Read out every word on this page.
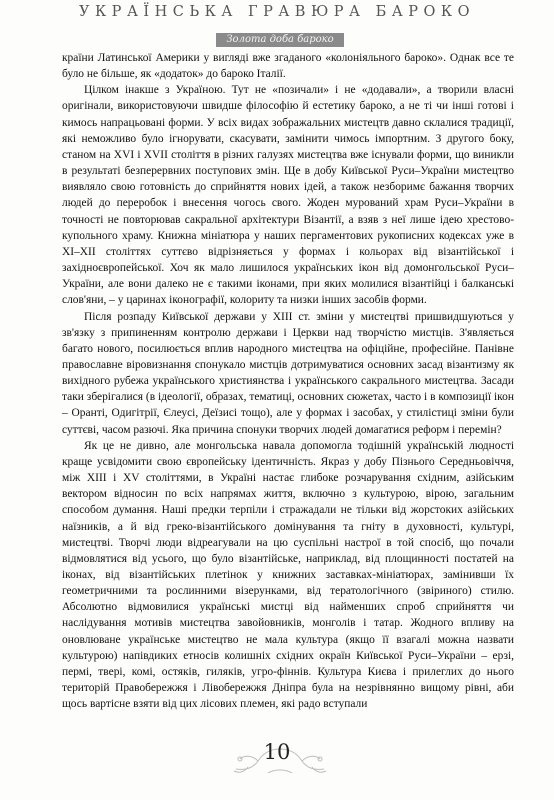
УКРАЇНСЬКА ГРАВЮРА БАРОКО
Золота доба бароко

країни Латинської Америки у вигляді вже згаданого «колоніяльного бароко». Однак все те було не більше, як «додаток» до бароко Італії.

Цілком інакше з Україною. Тут не «позичали» і не «додавали», а творили власні оригінали, використовуючи швидше філософію й естетику бароко, а не ті чи інші готові і кимось напрацьовані форми. У всіх видах зображальних мистецтв давно склалися традиції, які неможливо було ігнорувати, скасувати, замінити чимось імпортним. З другого боку, станом на XVI і XVII століття в різних галузях мистецтва вже існували форми, що виникли в результаті безперервних поступових змін. Ще в добу Київської Руси–України мистецтво виявляло свою готовність до сприйняття нових ідей, а також незборимє бажання творчих людей до переробок і внесення чогось свого. Жоден мурований храм Руси–України в точності не повторював сакральної архітектури Візантії, а взяв з неї лише ідею хрестово-купольного храму. Книжна мініатюра у наших пергаментових рукописних кодексах уже в XI–XII століттях суттєво відрізняється у формах і кольорах від візантійської і західноєвропейської. Хоч як мало лишилося українських ікон від домонгольської Руси–України, але вони далеко не є такими іконами, при яких молилися візантійці і балканські слов'яни, – у царинах іконографії, колориту та низки інших засобів форми.

Після розпаду Київської держави у XIII ст. зміни у мистецтві пришвидшуються у зв'язку з припиненням контролю держави і Церкви над творчістю мистців. З'являється багато нового, посилюється вплив народного мистецтва на офіційне, професійне. Панівне православне віровизнання спонукало мистців дотримуватися основних засад візантизму як вихідного рубежа українського християнства і українського сакрального мистецтва. Засади таки зберігалися (в ідеології, образах, тематиці, основних сюжетах, часто і в композиції ікон – Оранті, Одигітрії, Єлеусі, Деїзисі тощо), але у формах і засобах, у стилістиці зміни були суттєві, часом разючі. Яка причина спонуки творчих людей домагатися реформ і перемін?

Як це не дивно, але монгольська навала допомогла тодішній українській людності краще усвідомити свою європейську ідентичність. Якраз у добу Пізнього Середньовіччя, між XIII і XV століттями, в Україні настає глибоке розчарування східним, азійським вектором відносин по всіх напрямах життя, включно з культурою, вірою, загальним способом думання. Наші предки терпіли і стражадали не тільки від жорстоких азійських наїзників, а й від греко-візантійського домінування та гніту в духовності, культурі, мистецтві. Творчі люди відреагували на цю суспільні настрої в той спосіб, що почали відмовлятися від усього, що було візантійське, наприклад, від площинності постатей на іконах, від візантійських плетінок у книжних заставках-мініатюрах, замінивши їх геометричними та рослинними візерунками, від тератологічного (звіриного) стилю. Абсолютно відмовилися українські мистці від найменших спроб сприйняття чи наслідування мотивів мистецтва завойовників, монголів і татар. Жодного впливу на оновлюване українське мистецтво не мала культура (якщо її взагалі можна назвати культурою) напівдиких етносів колишніх східних окраїн Київської Руси–України – ерзі, пермі, тверi, комі, остяків, гиляків, угро-фіннів. Культура Києва і прилеглих до нього територій Правобережжя і Лівобережжя Дніпра була на незрівнянно вищому рівні, аби щось вартісне взяти від цих лісових племен, які радо вступали

10
